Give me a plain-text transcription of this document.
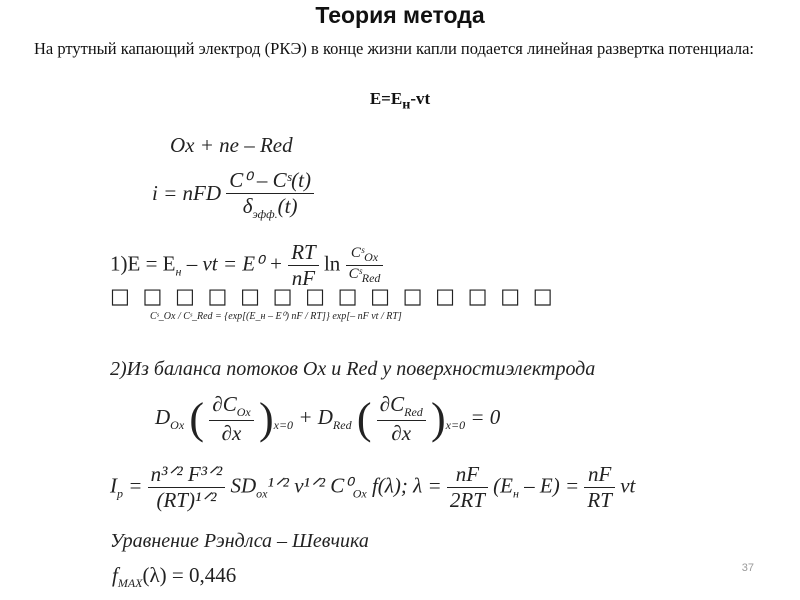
Теория метода
На ртутный капающий электрод (РКЭ) в конце жизни капли подается линейная развертка потенциала:
$E=E_н-vt$
Ox + ne – Red
i = nFD $\frac{\text{C⁰ – Cˢ(t)}}{\delta_{эфф.}(t)}$
$1)E = E_н$ – vt = $E^0 + \frac{RT}{nF}$ $\ln \frac{Cˢ_{Ox}}{Cˢ_{Red}}$
□ □ □ □ □ □ □ □ □ □ □ □ □ □
Cˢ_Ox / Cˢ_Red = {exp[(E_н – E⁰) nF / RT]} exp[– nF vt / RT]
2)Из баланса потоков Ox и Red у поверхностиэлектрода
$D_{Ox}$ ( $\frac{\partial C_{Ox}}{\partial x} )_{x=0} + D_{Red}$ ( $\frac{\partial C_{Red}}{\partial x} )_{x=0} = 0$
$I_p = \frac{\text{n³ᐟ² F³ᐟ²}}{\text{(RT)¹ᐟ²}}$ $SD_{ox}^1ᐟ^2$ v¹ᐟ² $C^0_{Ox}$ f(λ); $\lambda = \frac{nF}{2RT} (E_н - E) = \frac{nF}{RT}$ vt
Уравнение Рэндлса – Шевчика
$f_{MAX}(\lambda) = 0,446$	37
